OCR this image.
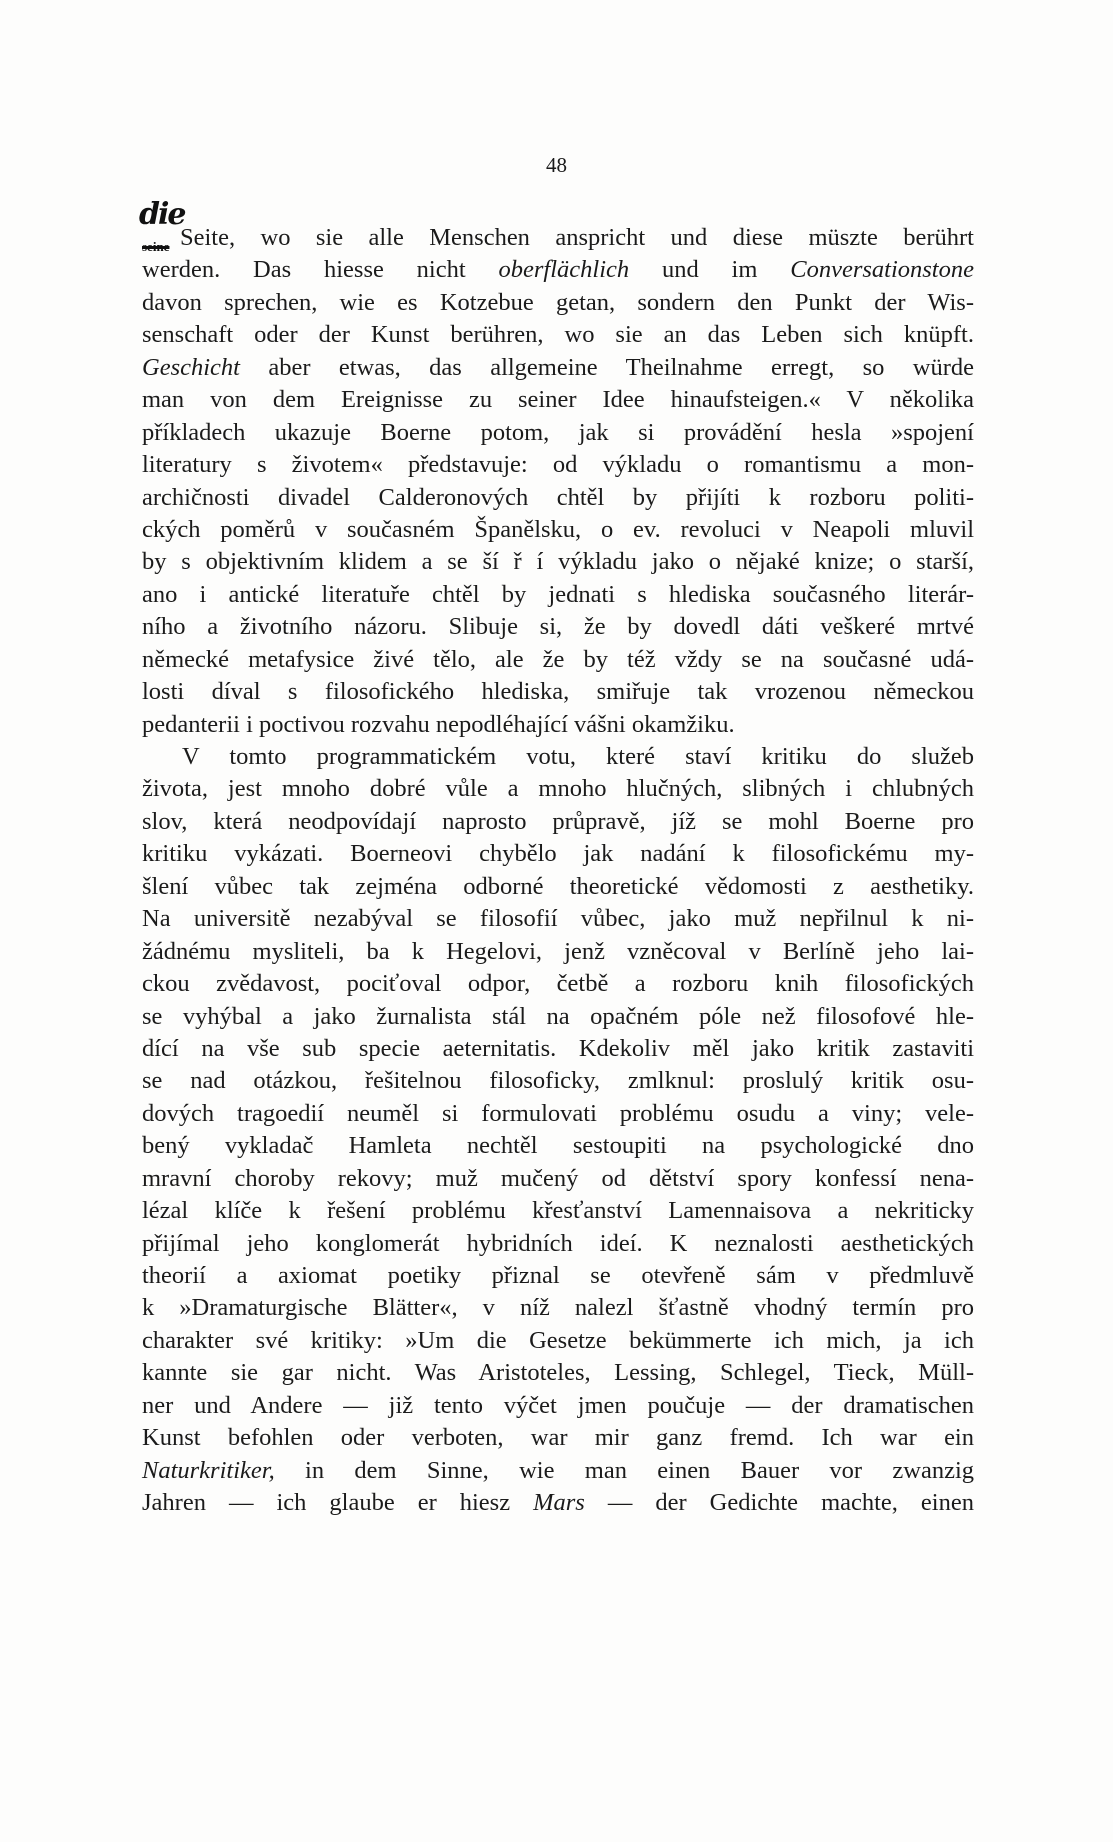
48
seine
die
Seite, wo sie alle Menschen anspricht und diese müszte berührt
werden. Das hiesse nicht oberflächlich und im Conversationstone
davon sprechen, wie es Kotzebue getan, sondern den Punkt der Wis-
senschaft oder der Kunst berühren, wo sie an das Leben sich knüpft.
Geschicht aber etwas, das allgemeine Theilnahme erregt, so würde
man von dem Ereignisse zu seiner Idee hinaufsteigen.« V několika
příkladech ukazuje Boerne potom, jak si provádění hesla »spojení
literatury s životem« představuje: od výkladu o romantismu a mon-
archičnosti divadel Calderonových chtěl by přijíti k rozboru politi-
ckých poměrů v současném Španělsku, o ev. revoluci v Neapoli mluvil
by s objektivním klidem a se ší ř í výkladu jako o nějaké knize; o starší,
ano i antické literatuře chtěl by jednati s hlediska současného literár-
ního a životního názoru. Slibuje si, že by dovedl dáti veškeré mrtvé
německé metafysice živé tělo, ale že by též vždy se na současné udá-
losti díval s filosofického hlediska, smiřuje tak vrozenou německou
pedanterii i poctivou rozvahu nepodléhající vášni okamžiku.
V tomto programmatickém votu, které staví kritiku do služeb
života, jest mnoho dobré vůle a mnoho hlučných, slibných i chlubných
slov, která neodpovídají naprosto průpravě, jíž se mohl Boerne pro
kritiku vykázati. Boerneovi chybělo jak nadání k filosofickému my-
šlení vůbec tak zejména odborné theoretické vědomosti z aesthetiky.
Na universitě nezabýval se filosofií vůbec, jako muž nepřilnul k ni-
žádnému mysliteli, ba k Hegelovi, jenž vzněcoval v Berlíně jeho lai-
ckou zvědavost, pociťoval odpor, četbě a rozboru knih filosofických
se vyhýbal a jako žurnalista stál na opačném póle než filosofové hle-
dící na vše sub specie aeternitatis. Kdekoliv měl jako kritik zastaviti
se nad otázkou, řešitelnou filosoficky, zmlknul: proslulý kritik osu-
dových tragoedií neuměl si formulovati problému osudu a viny; vele-
bený vykladač Hamleta nechtěl sestoupiti na psychologické dno
mravní choroby rekovy; muž mučený od dětství spory konfessí nena-
lézal klíče k řešení problému křesťanství Lamennaisova a nekriticky
přijímal jeho konglomerát hybridních ideí. K neznalosti aesthetických
theorií a axiomat poetiky přiznal se otevřeně sám v předmluvě
k »Dramaturgische Blätter«, v níž nalezl šťastně vhodný termín pro
charakter své kritiky: »Um die Gesetze bekümmerte ich mich, ja ich
kannte sie gar nicht. Was Aristoteles, Lessing, Schlegel, Tieck, Müll-
ner und Andere — již tento výčet jmen poučuje — der dramatischen
Kunst befohlen oder verboten, war mir ganz fremd. Ich war ein
Naturkritiker, in dem Sinne, wie man einen Bauer vor zwanzig
Jahren — ich glaube er hiesz Mars — der Gedichte machte, einen
